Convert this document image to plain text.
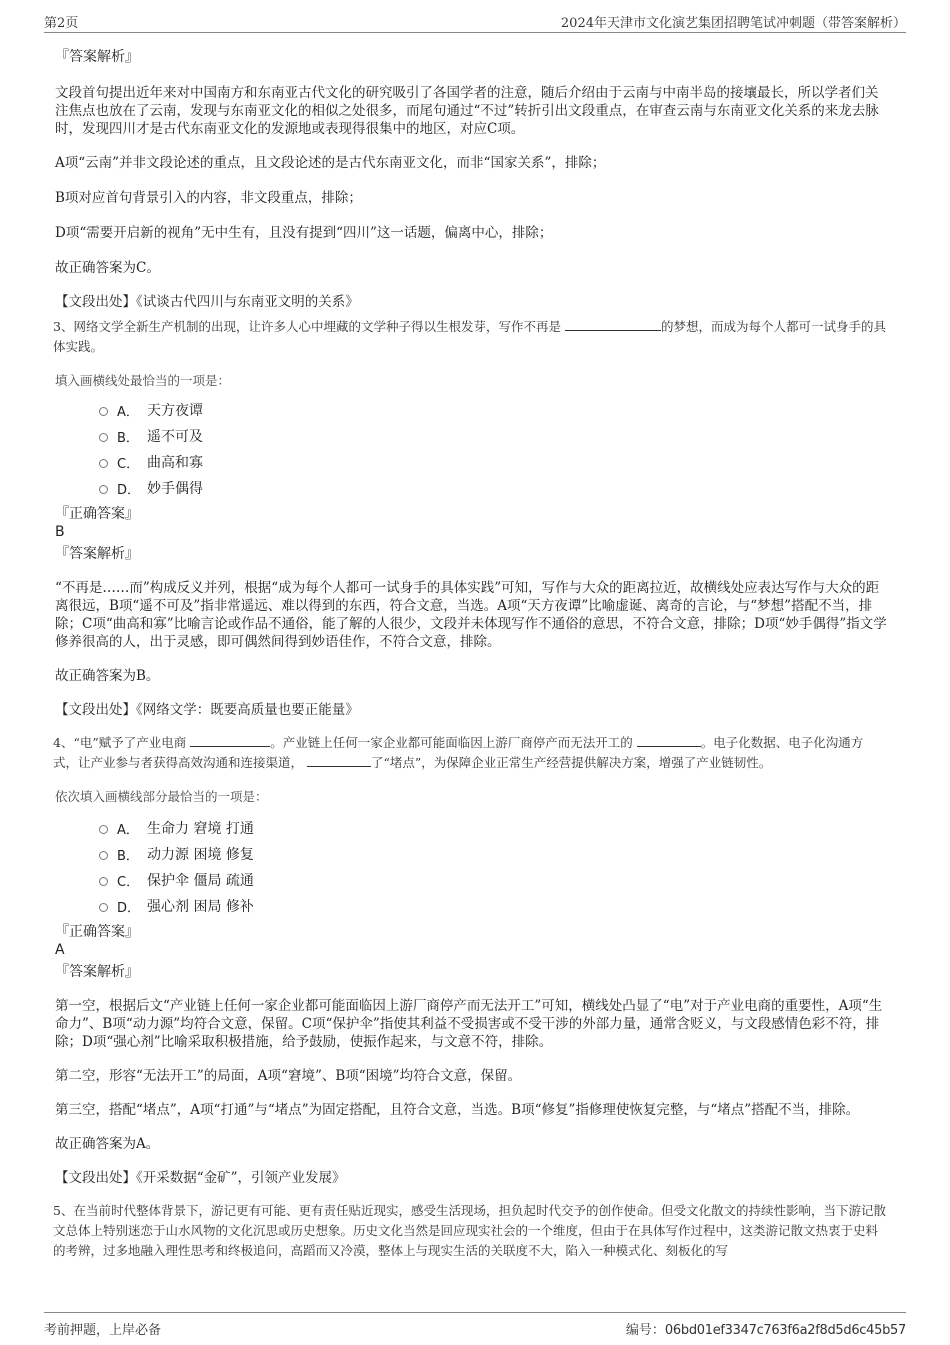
第2页	2024年天津市文化演艺集团招聘笔试冲刺题（带答案解析）

『答案解析』

文段首句提出近年来对中国南方和东南亚古代文化的研究吸引了各国学者的注意，随后介绍由于云南与中南半岛的接壤最长，所以学者们关注焦点也放在了云南，发现与东南亚文化的相似之处很多，而尾句通过“不过”转折引出文段重点，在审查云南与东南亚文化关系的来龙去脉时，发现四川才是古代东南亚文化的发源地或表现得很集中的地区，对应C项。

A项“云南”并非文段论述的重点，且文段论述的是古代东南亚文化，而非“国家关系”，排除；

B项对应首句背景引入的内容，非文段重点，排除；

D项“需要开启新的视角”无中生有，且没有提到“四川”这一话题，偏离中心，排除；

故正确答案为C。

【文段出处】《试谈古代四川与东南亚文明的关系》

3、网络文学全新生产机制的出现，让许多人心中埋藏的文学种子得以生根发芽，写作不再是	的梦想，而成为每个人都可一试身手的具体实践。

填入画横线处最恰当的一项是：

A． 天方夜谭
B． 遥不可及
C． 曲高和寡
D． 妙手偶得

『正确答案』

B

『答案解析』

“不再是……而”构成反义并列，根据“成为每个人都可一试身手的具体实践”可知，写作与大众的距离拉近，故横线处应表达写作与大众的距离很远，B项“遥不可及”指非常遥远、难以得到的东西，符合文意，当选。A项“天方夜谭”比喻虚诞、离奇的言论，与“梦想”搭配不当，排除；C项“曲高和寡”比喻言论或作品不通俗，能了解的人很少，文段并未体现写作不通俗的意思，不符合文意，排除；D项“妙手偶得”指文学修养很高的人，出于灵感，即可偶然间得到妙语佳作，不符合文意，排除。

故正确答案为B。

【文段出处】《网络文学：既要高质量也要正能量》

4、“电”赋予了产业电商	。产业链上任何一家企业都可能面临因上游厂商停产而无法开工的	。电子化数据、电子化沟通方式，让产业参与者获得高效沟通和连接渠道，	了“堵点”，为保障企业正常生产经营提供解决方案，增强了产业链韧性。

依次填入画横线部分最恰当的一项是：

A． 生命力 窘境 打通
B． 动力源 困境 修复
C． 保护伞 僵局 疏通
D． 强心剂 困局 修补

『正确答案』

A

『答案解析』

第一空，根据后文“产业链上任何一家企业都可能面临因上游厂商停产而无法开工”可知，横线处凸显了“电”对于产业电商的重要性，A项“生命力”、B项“动力源”均符合文意，保留。C项“保护伞”指使其利益不受损害或不受干涉的外部力量，通常含贬义，与文段感情色彩不符，排除；D项“强心剂”比喻采取积极措施，给予鼓励，使振作起来，与文意不符，排除。

第二空，形容“无法开工”的局面，A项“窘境”、B项“困境”均符合文意，保留。

第三空，搭配“堵点”，A项“打通”与“堵点”为固定搭配，且符合文意，当选。B项“修复”指修理使恢复完整，与“堵点”搭配不当，排除。

故正确答案为A。

【文段出处】《开采数据“金矿”，引领产业发展》

5、在当前时代整体背景下，游记更有可能、更有责任贴近现实，感受生活现场，担负起时代交予的创作使命。但受文化散文的持续性影响，当下游记散文总体上特别迷恋于山水风物的文化沉思或历史想象。历史文化当然是回应现实社会的一个维度，但由于在具体写作过程中，这类游记散文热衷于史料的考辨，过多地融入理性思考和终极追问，高蹈而又冷漠，整体上与现实生活的关联度不大，陷入一种模式化、刻板化的写

考前押题，上岸必备	编号：06bd01ef3347c763f6a2f8d5d6c45b57
